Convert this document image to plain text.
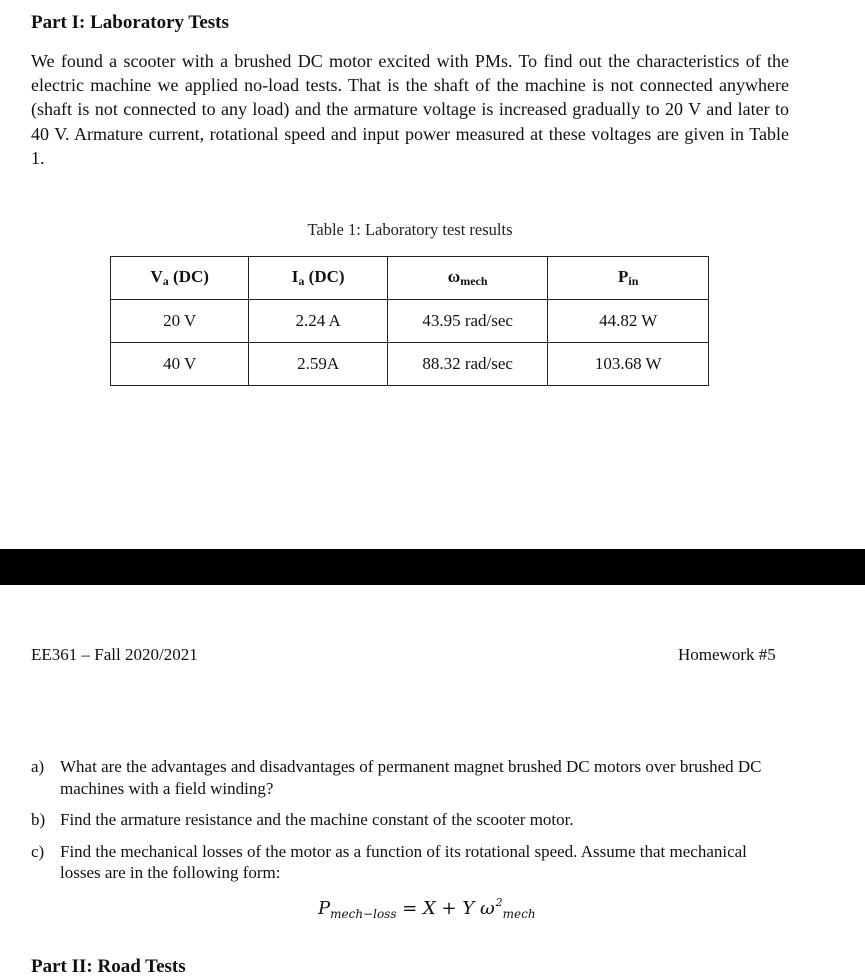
Part I: Laboratory Tests
We found a scooter with a brushed DC motor excited with PMs. To find out the characteristics of the electric machine we applied no-load tests. That is the shaft of the machine is not connected anywhere (shaft is not connected to any load) and the armature voltage is increased gradually to 20 V and later to 40 V. Armature current, rotational speed and input power measured at these voltages are given in Table 1.
Table 1: Laboratory test results
$V_a$ (DC)	$I_a$ (DC)	$\omega_{mech}$	$P_{in}$
20 V	2.24 A	43.95 rad/sec	44.82 W
40 V	2.59A	88.32 rad/sec	103.68 W
EE361 – Fall 2020/2021	Homework #5
a) What are the advantages and disadvantages of permanent magnet brushed DC motors over brushed DC machines with a field winding?
b) Find the armature resistance and the machine constant of the scooter motor.
c) Find the mechanical losses of the motor as a function of its rotational speed. Assume that mechanical losses are in the following form:
$P_{mech-loss} = X + Y$ $\omega^2_{mech}$
Part II: Road Tests
